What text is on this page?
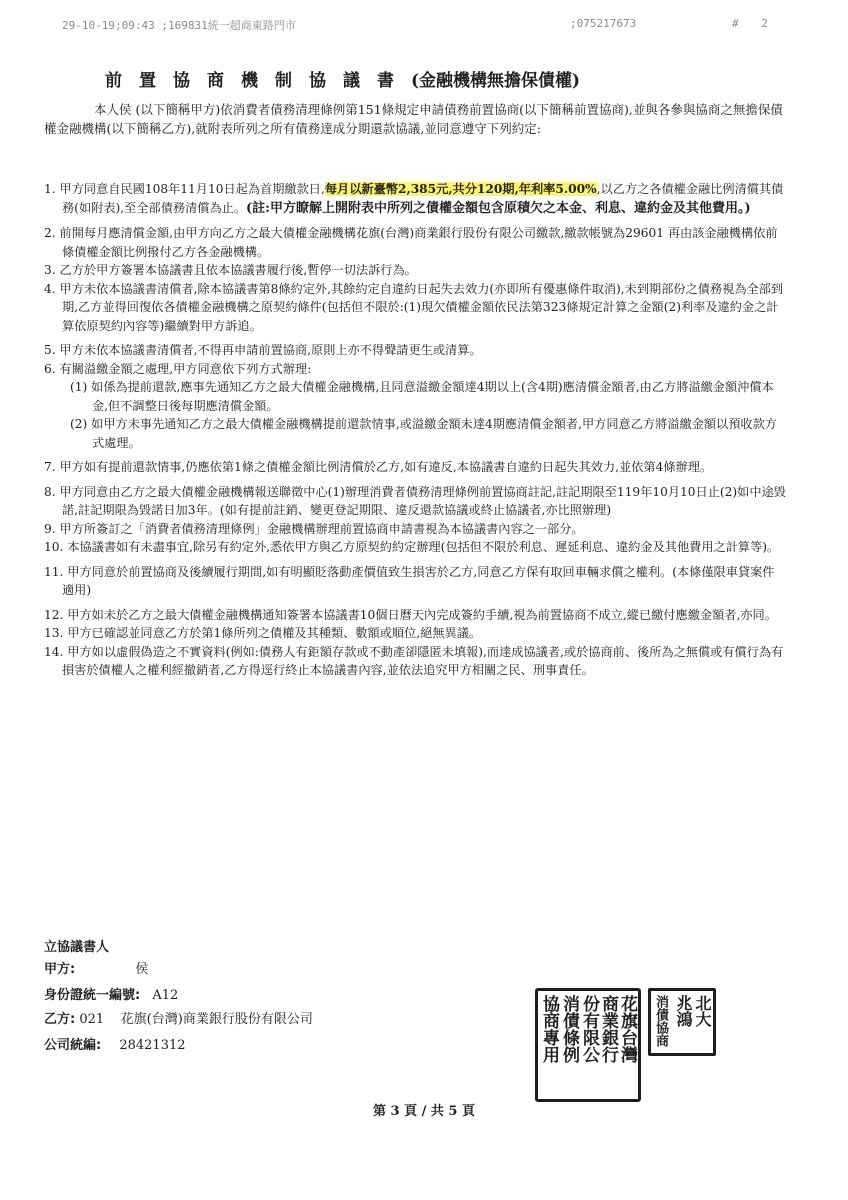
29-10-19;09:43 ;169831統一超商東路門市	;075217673	# 2
前置協商機制協議書(金融機構無擔保債權)
本人侯 (以下簡稱甲方)依消費者債務清理條例第151條規定申請債務前置協商(以下簡稱前置協商),並與各參與協商之無擔保債權金融機構(以下簡稱乙方),就附表所列之所有債務達成分期還款協議,並同意遵守下列約定:
1. 甲方同意自民國108年11月10日起為首期繳款日,每月以新臺幣2,385元,共分120期,年利率5.00%,以乙方之各債權金融比例清償其債務(如附表),至全部債務清償為止。(註:甲方瞭解上開附表中所列之債權金額包含原積欠之本金、利息、違約金及其他費用。)
2. 前開每月應清償金額,由甲方向乙方之最大債權金融機構花旗(台灣)商業銀行股份有限公司繳款,繳款帳號為29601 再由該金融機構依前條債權金額比例撥付乙方各金融機構。
3. 乙方於甲方簽署本協議書且依本協議書履行後,暫停一切法訴行為。
4. 甲方未依本協議書清償者,除本協議書第8條約定外,其餘約定自違約日起失去效力(亦即所有優惠條件取消),未到期部份之債務視為全部到期,乙方並得回復依各債權金融機構之原契約條件(包括但不限於:(1)現欠債權金額依民法第323條規定計算之金額(2)利率及違約金之計算依原契約內容等)繼續對甲方訴追。
5. 甲方未依本協議書清償者,不得再申請前置協商,原則上亦不得聲請更生或清算。
6. 有關溢繳金額之處理,甲方同意依下列方式辦理:
(1) 如係為提前還款,應事先通知乙方之最大債權金融機構,且同意溢繳金額達4期以上(含4期)應清償金額者,由乙方將溢繳金額沖償本金,但不調整日後每期應清償金額。
(2) 如甲方未事先通知乙方之最大債權金融機構提前還款情事,或溢繳金額未達4期應清償金額者,甲方同意乙方將溢繳金額以預收款方式處理。
7. 甲方如有提前還款情事,仍應依第1條之債權金額比例清償於乙方,如有違反,本協議書自違約日起失其效力,並依第4條辦理。
8. 甲方同意由乙方之最大債權金融機構報送聯徵中心(1)辦理消費者債務清理條例前置協商註記,註記期限至119年10月10日止(2)如中途毀諾,註記期限為毀諾日加3年。(如有提前註銷、變更登記期限、違反還款協議或終止協議者,亦比照辦理)
9. 甲方所簽訂之「消費者債務清理條例」金融機構辦理前置協商申請書視為本協議書內容之一部分。
10. 本協議書如有未盡事宜,除另有約定外,悉依甲方與乙方原契約約定辦理(包括但不限於利息、遲延利息、違約金及其他費用之計算等)。
11. 甲方同意於前置協商及後續履行期間,如有明顯貶落動產價值致生損害於乙方,同意乙方保有取回車輛求償之權利。(本條僅限車貸案件適用)
12. 甲方如未於乙方之最大債權金融機構通知簽署本協議書10個日曆天內完成簽約手續,視為前置協商不成立,縱已繳付應繳金額者,亦同。
13. 甲方已確認並同意乙方於第1條所列之債權及其種類、數額或順位,絕無異議。
14. 甲方如以虛假偽造之不實資料(例如:債務人有鉅額存款或不動產卻隱匿未填報),而達成協議者,或於協商前、後所為之無償或有償行為有損害於債權人之權利經撤銷者,乙方得逕行終止本協議書內容,並依法追究甲方相關之民、刑事責任。
立協議書人
甲方:	侯
身份證統一編號: A12
乙方: 021    花旗(台灣)商業銀行股份有限公司
公司統編: 28421312	協商專用 消債條例 份有限公 商業銀行 花旗台灣 消債協商 兆鴻 北大
第 3 頁 / 共 5 頁
